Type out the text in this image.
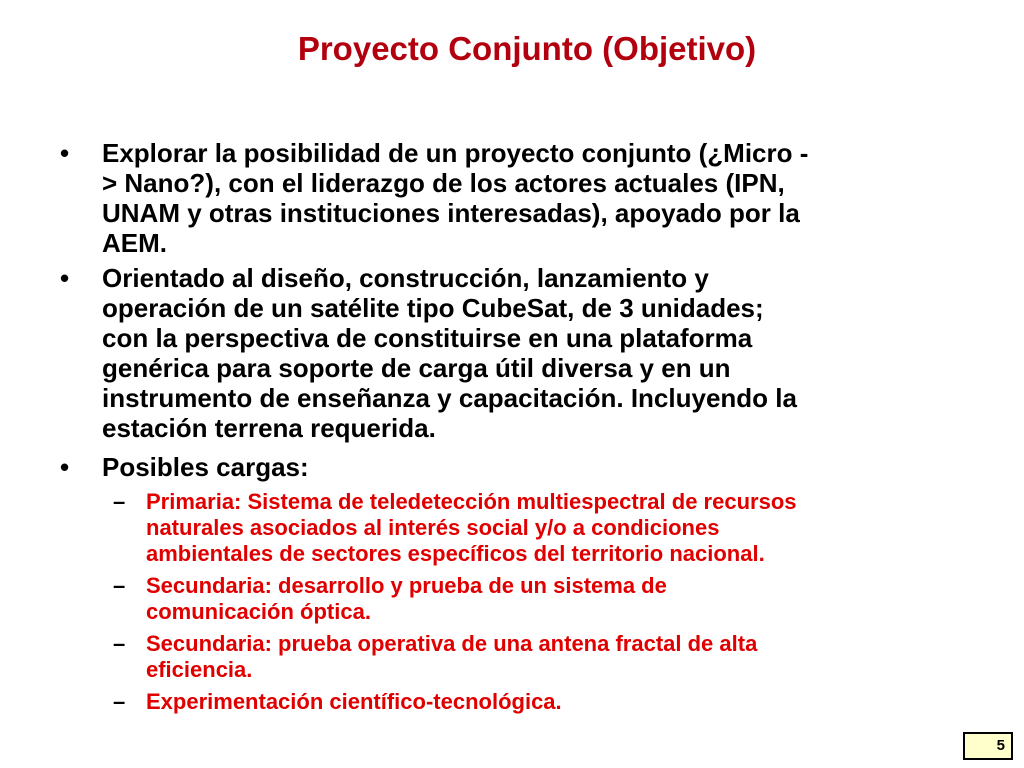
Proyecto Conjunto (Objetivo)
• Explorar la posibilidad de un proyecto conjunto (¿Micro -
> Nano?), con el liderazgo de los actores actuales (IPN,
UNAM y otras instituciones interesadas), apoyado por la
AEM.
• Orientado al diseño, construcción, lanzamiento y
operación de un satélite tipo CubeSat, de 3 unidades;
con la perspectiva de constituirse en una plataforma
genérica para soporte de carga útil diversa y en un
instrumento de enseñanza y capacitación. Incluyendo la
estación terrena requerida.
• Posibles cargas:
– Primaria: Sistema de teledetección multiespectral de recursos
naturales asociados al interés social y/o a condiciones
ambientales de sectores específicos del territorio nacional.
– Secundaria: desarrollo y prueba de un sistema de
comunicación óptica.
– Secundaria: prueba operativa de una antena fractal de alta
eficiencia.
– Experimentación científico-tecnológica.
5
